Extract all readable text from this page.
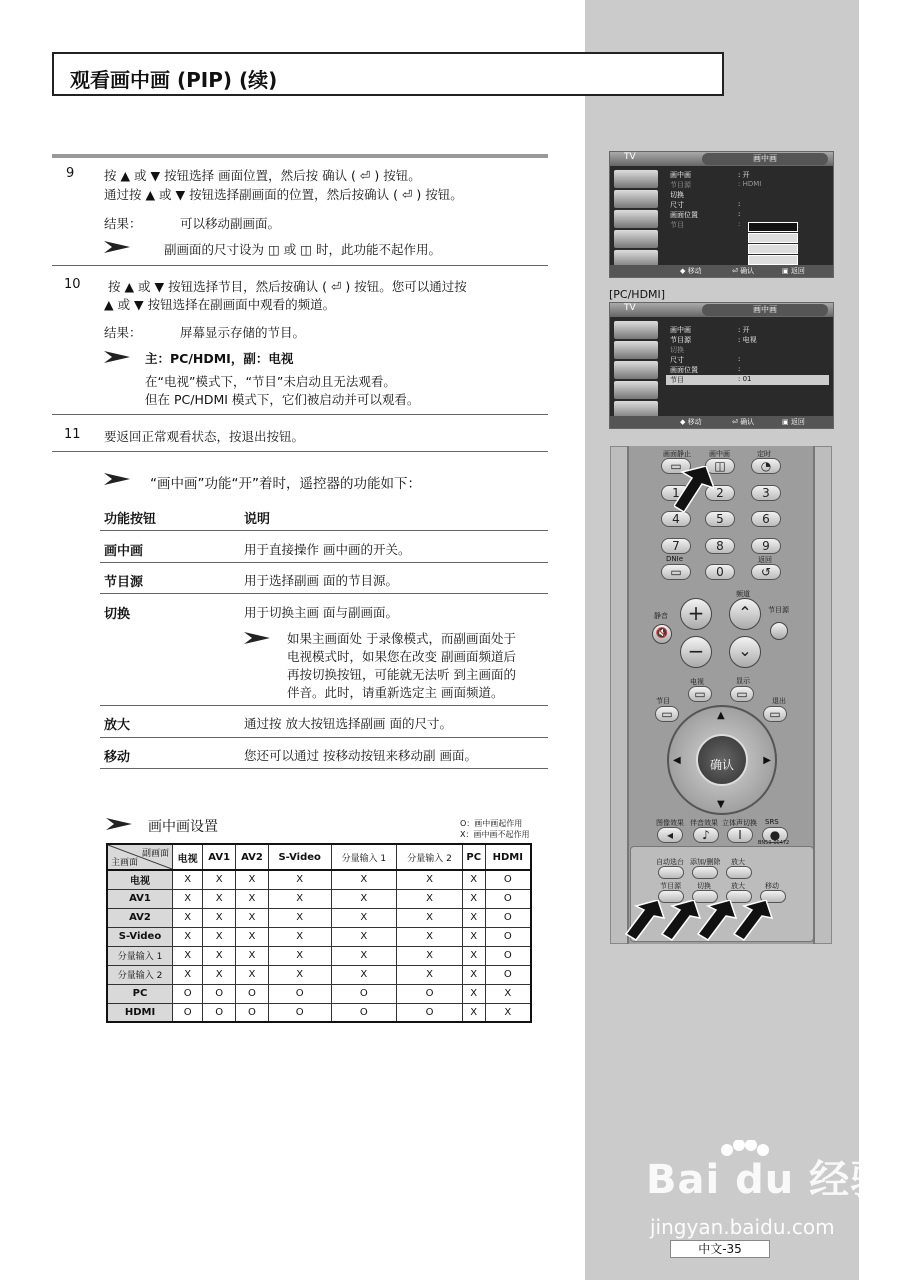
观看画中画 (PIP) (续)
9 按 ▲ 或 ▼ 按钮选择 画面位置，然后按 确认 ( ⏎ ) 按钮。
通过按 ▲ 或 ▼ 按钮选择副画面的位置，然后按确认 ( ⏎ ) 按钮。
结果：	可以移动副画面。
副画面的尺寸设为 ◫ 或 ◫ 时，此功能不起作用。
10 按 ▲ 或 ▼ 按钮选择节目，然后按确认 ( ⏎ ) 按钮。您可以通过按
▲ 或 ▼ 按钮选择在副画面中观看的频道。
结果：	屏幕显示存储的节目。
主：PC/HDMI，副：电视
在“电视”模式下，“节目”未启动且无法观看。
但在 PC/HDMI 模式下，它们被启动并可以观看。
11 要返回正常观看状态，按退出按钮。
“画中画”功能“开”着时，遥控器的功能如下：
功能按钮	说明
画中画	用于直接操作 画中画的开关。
节目源	用于选择副画 面的节目源。
切换	用于切换主画 面与副画面。
如果主画面处 于录像模式，而副画面处于
电视模式时，如果您在改变 副画面频道后
再按切换按钮，可能就无法听 到主画面的
伴音。此时，请重新选定主 画面频道。
放大	通过按 放大按钮选择副画 面的尺寸。
移动	您还可以通过 按移动按钮来移动副 画面。
画中画设置	O：画中画起作用
X：画中画不起作用
副画面
主画面	电视	AV1	AV2	S-Video	分量输入 1	分量输入 2	PC	HDMI
电视	X	X	X	X	X	X	X	O
AV1	X	X	X	X	X	X	X	O
AV2	X	X	X	X	X	X	X	O
S-Video	X	X	X	X	X	X	X	O
分量输入 1	X	X	X	X	X	X	X	O
分量输入 2	X	X	X	X	X	X	X	O
PC	O	O	O	O	O	O	X	X
HDMI	O	O	O	O	O	O	X	X
TV	画中画
画中画	: 开
节目源	: HDMI
切换
尺寸	:
画面位置	:
节目	:
◆ 移动	⏎ 确认	▣ 返回
[PC/HDMI]
TV	画中画
画中画	: 开
节目源	: 电视
切换
尺寸	:
画面位置	:
节目	: 01
◆ 移动	⏎ 确认	▣ 返回
画面静止	画中画	定时
▭	◫	◔
1	2	3
4	5	6
7	8	9
DNIe	返回
▭	0	↺
频道
静音
节目源
🔇
+
−
⌃
⌄
电视	显示
节目	退出
▭	▭
▭	▭
▲
▼
◀	▶
确认
图像效果 伴音效果 立体声切换 SRS
◂	♪	Ⅰ	●
BN59-00472
自动选台 添加/删除 放大
节目源 切换	放大	移动
Bai du 经验
jingyan.baidu.com
中文-35
